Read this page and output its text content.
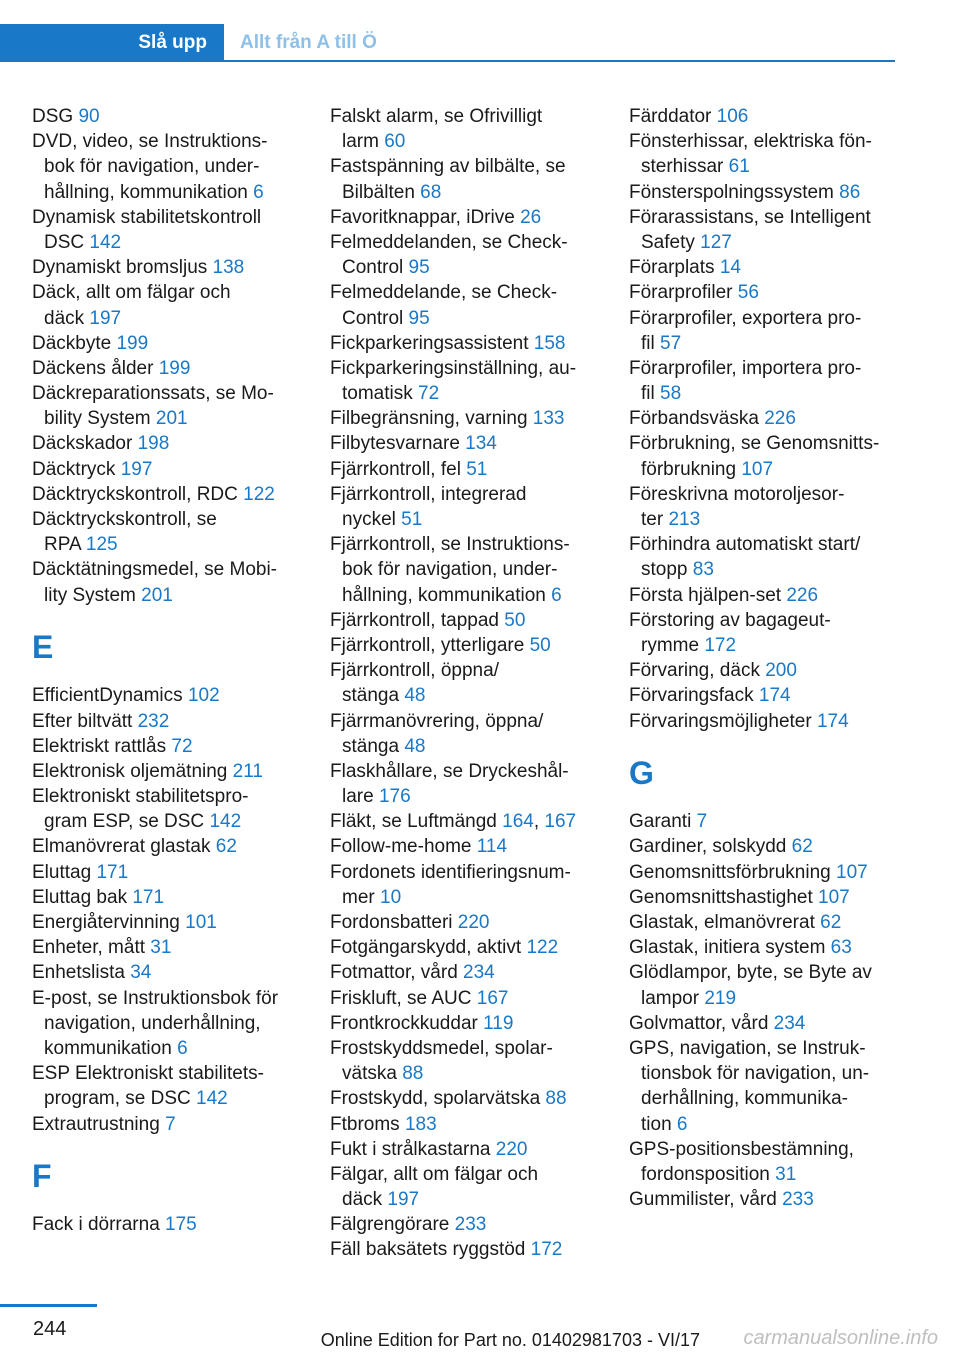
Slå upp Allt från A till Ö
DSG 90
DVD, video, se Instruktions-
bok för navigation, under-
hållning, kommunikation 6
Dynamisk stabilitetskontroll
DSC 142
Dynamiskt bromsljus 138
Däck, allt om fälgar och
däck 197
Däckbyte 199
Däckens ålder 199
Däckreparationssats, se Mo-
bility System 201
Däckskador 198
Däcktryck 197
Däcktryckskontroll, RDC 122
Däcktryckskontroll, se
RPA 125
Däcktätningsmedel, se Mobi-
lity System 201
E
EfficientDynamics 102
Efter biltvätt 232
Elektriskt rattlås 72
Elektronisk oljemätning 211
Elektroniskt stabilitetspro-
gram ESP, se DSC 142
Elmanövrerat glastak 62
Eluttag 171
Eluttag bak 171
Energiåtervinning 101
Enheter, mått 31
Enhetslista 34
E-post, se Instruktionsbok för
navigation, underhållning,
kommunikation 6
ESP Elektroniskt stabilitets-
program, se DSC 142
Extrautrustning 7
F
Fack i dörrarna 175
Falskt alarm, se Ofrivilligt
larm 60
Fastspänning av bilbälte, se
Bilbälten 68
Favoritknappar, iDrive 26
Felmeddelanden, se Check-
Control 95
Felmeddelande, se Check-
Control 95
Fickparkeringsassistent 158
Fickparkeringsinställning, au-
tomatisk 72
Filbegränsning, varning 133
Filbytesvarnare 134
Fjärrkontroll, fel 51
Fjärrkontroll, integrerad
nyckel 51
Fjärrkontroll, se Instruktions-
bok för navigation, under-
hållning, kommunikation 6
Fjärrkontroll, tappad 50
Fjärrkontroll, ytterligare 50
Fjärrkontroll, öppna/
stänga 48
Fjärrmanövrering, öppna/
stänga 48
Flaskhållare, se Dryckeshål-
lare 176
Fläkt, se Luftmängd 164, 167
Follow-me-home 114
Fordonets identifieringsnum-
mer 10
Fordonsbatteri 220
Fotgängarskydd, aktivt 122
Fotmattor, vård 234
Friskluft, se AUC 167
Frontkrockkuddar 119
Frostskyddsmedel, spolar-
vätska 88
Frostskydd, spolarvätska 88
Ftbroms 183
Fukt i strålkastarna 220
Fälgar, allt om fälgar och
däck 197
Fälgrengörare 233
Fäll baksätets ryggstöd 172
Färddator 106
Fönsterhissar, elektriska fön-
sterhissar 61
Fönsterspolningssystem 86
Förarassistans, se Intelligent
Safety 127
Förarplats 14
Förarprofiler 56
Förarprofiler, exportera pro-
fil 57
Förarprofiler, importera pro-
fil 58
Förbandsväska 226
Förbrukning, se Genomsnitts-
förbrukning 107
Föreskrivna motoroljesor-
ter 213
Förhindra automatiskt start/
stopp 83
Första hjälpen-set 226
Förstoring av bagageut-
rymme 172
Förvaring, däck 200
Förvaringsfack 174
Förvaringsmöjligheter 174
G
Garanti 7
Gardiner, solskydd 62
Genomsnittsförbrukning 107
Genomsnittshastighet 107
Glastak, elmanövrerat 62
Glastak, initiera system 63
Glödlampor, byte, se Byte av
lampor 219
Golvmattor, vård 234
GPS, navigation, se Instruk-
tionsbok för navigation, un-
derhållning, kommunika-
tion 6
GPS-positionsbestämning,
fordonsposition 31
Gummilister, vård 233
244	Online Edition for Part no. 01402981703 - VI/17 carmanualsonline.info
